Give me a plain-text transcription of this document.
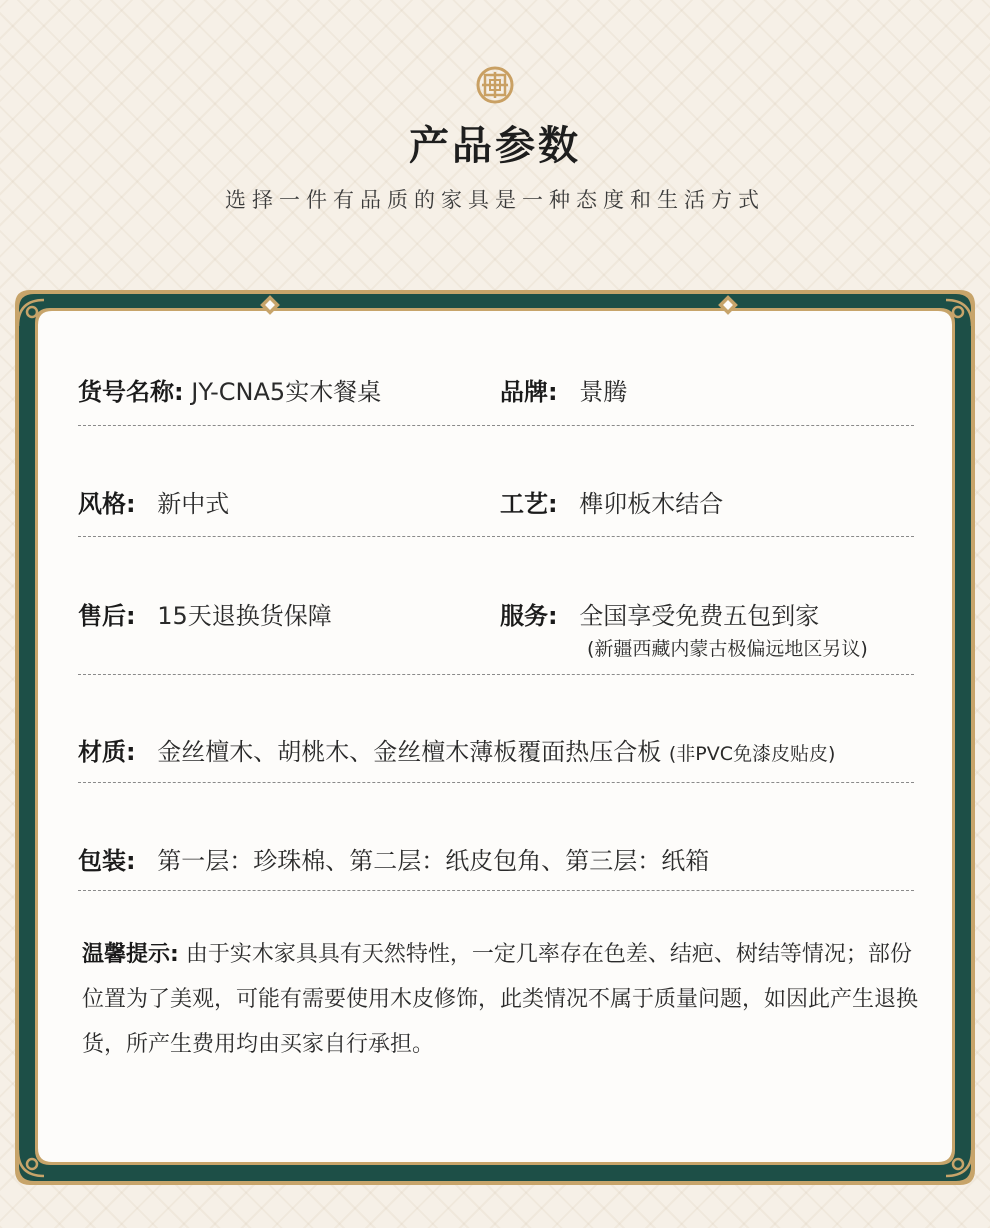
产品参数
选择一件有品质的家具是一种态度和生活方式
货号名称: JY-CNA5实木餐桌	品牌: 景腾
风格: 新中式	工艺: 榫卯板木结合
售后: 15天退换货保障	服务: 全国享受免费五包到家
(新疆西藏内蒙古极偏远地区另议)
材质: 金丝檀木、胡桃木、金丝檀木薄板覆面热压合板 (非PVC免漆皮贴皮)
包装: 第一层：珍珠棉、第二层：纸皮包角、第三层：纸箱
温馨提示: 由于实木家具具有天然特性，一定几率存在色差、结疤、树结等情况；部份位置为了美观，可能有需要使用木皮修饰，此类情况不属于质量问题，如因此产生退换货，所产生费用均由买家自行承担。
